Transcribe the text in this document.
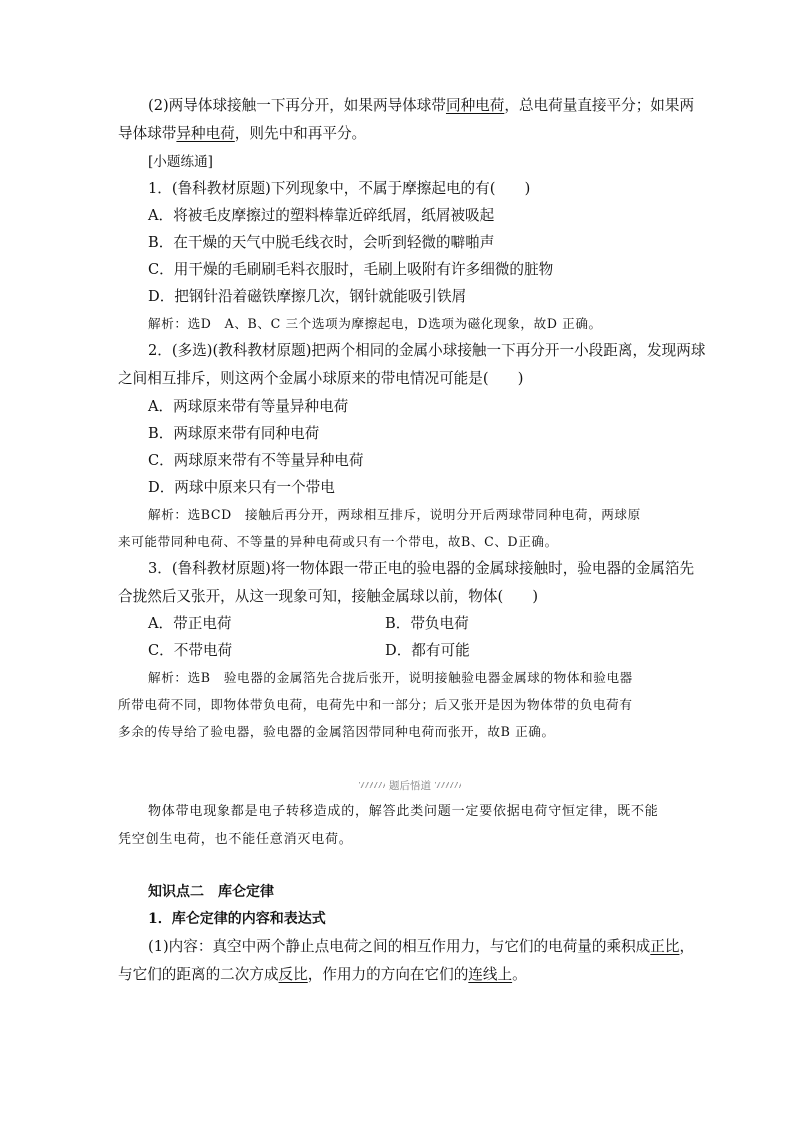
(2)两导体球接触一下再分开，如果两导体球带同种电荷，总电荷量直接平分；如果两
导体球带异种电荷，则先中和再平分。
[小题练通]
1．(鲁科教材原题)下列现象中，不属于摩擦起电的有(　　)
A．将被毛皮摩擦过的塑料棒靠近碎纸屑，纸屑被吸起
B．在干燥的天气中脱毛线衣时，会听到轻微的噼啪声
C．用干燥的毛刷刷毛料衣服时，毛刷上吸附有许多细微的脏物
D．把钢针沿着磁铁摩擦几次，钢针就能吸引铁屑
解析：选D　A、B、C 三个选项为摩擦起电，D选项为磁化现象，故D 正确。
2．(多选)(教科教材原题)把两个相同的金属小球接触一下再分开一小段距离，发现两球
之间相互排斥，则这两个金属小球原来的带电情况可能是(　　)
A．两球原来带有等量异种电荷
B．两球原来带有同种电荷
C．两球原来带有不等量异种电荷
D．两球中原来只有一个带电
解析：选BCD　接触后再分开，两球相互排斥，说明分开后两球带同种电荷，两球原
来可能带同种电荷、不等量的异种电荷或只有一个带电，故B、C、D正确。
3．(鲁科教材原题)将一物体跟一带正电的验电器的金属球接触时，验电器的金属箔先
合拢然后又张开，从这一现象可知，接触金属球以前，物体(　　)
A．带正电荷	B．带负电荷
C．不带电荷	D．都有可能
解析：选B　验电器的金属箔先合拢后张开，说明接触验电器金属球的物体和验电器
所带电荷不同，即物体带负电荷，电荷先中和一部分；后又张开是因为物体带的负电荷有
多余的传导给了验电器，验电器的金属箔因带同种电荷而张开，故B 正确。
题后悟道
物体带电现象都是电子转移造成的，解答此类问题一定要依据电荷守恒定律，既不能
凭空创生电荷，也不能任意消灭电荷。
知识点二　库仑定律
1．库仑定律的内容和表达式
(1)内容：真空中两个静止点电荷之间的相互作用力，与它们的电荷量的乘积成正比，
与它们的距离的二次方成反比，作用力的方向在它们的连线上。
